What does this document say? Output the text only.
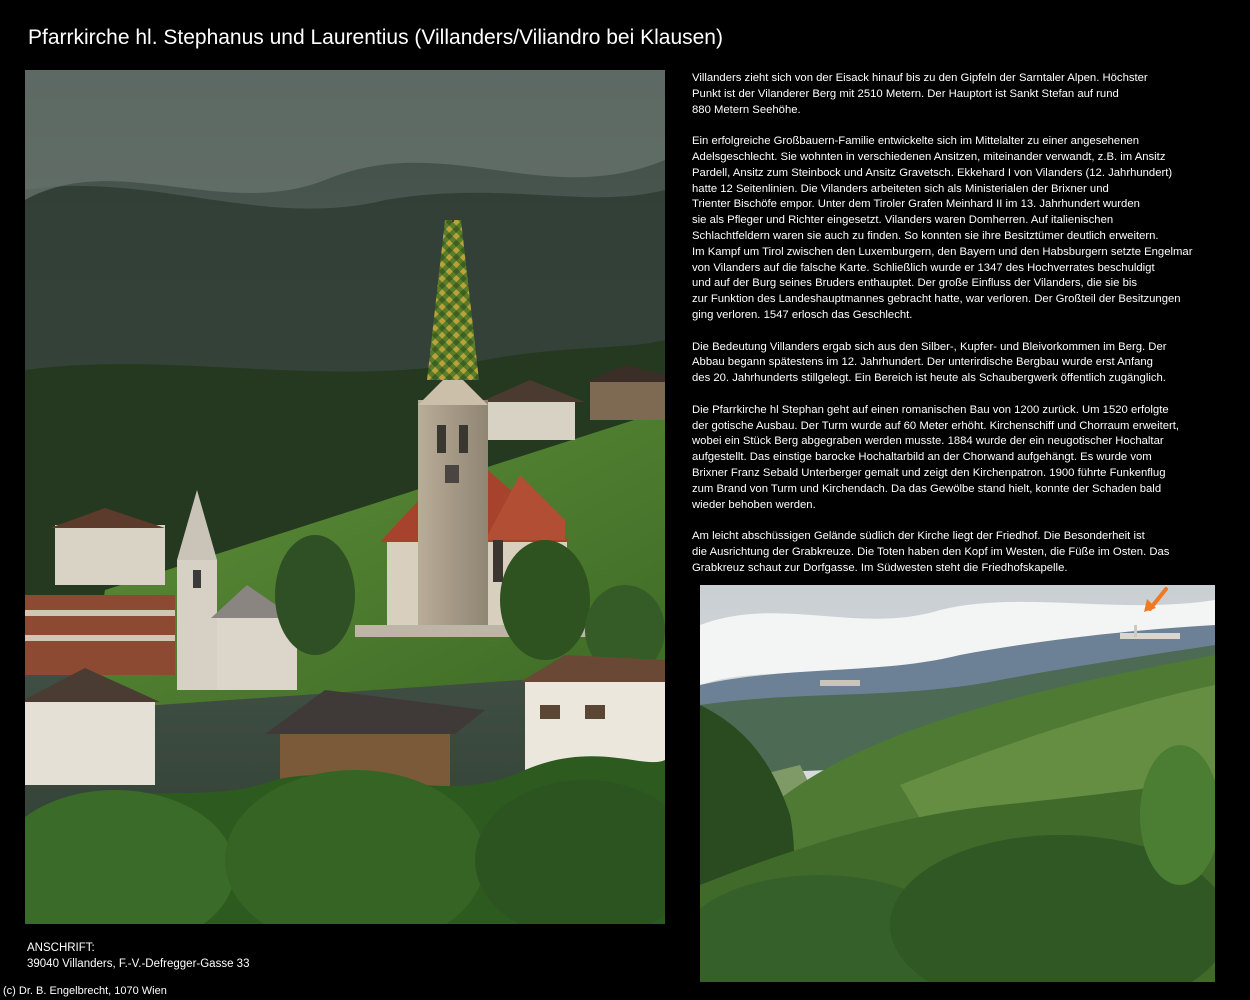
Pfarrkirche hl. Stephanus und Laurentius (Villanders/Viliandro bei Klausen)

Villanders zieht sich von der Eisack hinauf bis zu den Gipfeln der Sarntaler Alpen. Höchster
Punkt ist der Vilanderer Berg mit 2510 Metern. Der Hauptort ist Sankt Stefan auf rund
880 Metern Seehöhe.

Ein erfolgreiche Großbauern-Familie entwickelte sich im Mittelalter zu einer angesehenen
Adelsgeschlecht. Sie wohnten in verschiedenen Ansitzen, miteinander verwandt, z.B. im Ansitz
Pardell, Ansitz zum Steinbock und Ansitz Gravetsch. Ekkehard I von Vilanders (12. Jahrhundert)
hatte 12 Seitenlinien. Die Vilanders arbeiteten sich als Ministerialen der Brixner und
Trienter Bischöfe empor. Unter dem Tiroler Grafen Meinhard II im 13. Jahrhundert wurden
sie als Pfleger und Richter eingesetzt. Vilanders waren Domherren. Auf italienischen
Schlachtfeldern waren sie auch zu finden. So konnten sie ihre Besitztümer deutlich erweitern.
Im Kampf um Tirol zwischen den Luxemburgern, den Bayern und den Habsburgern setzte Engelmar
von Vilanders auf die falsche Karte. Schließlich wurde er 1347 des Hochverrates beschuldigt
und auf der Burg seines Bruders enthauptet. Der große Einfluss der Vilanders, die sie bis
zur Funktion des Landeshauptmannes gebracht hatte, war verloren. Der Großteil der Besitzungen
ging verloren. 1547 erlosch das Geschlecht.

Die Bedeutung Villanders ergab sich aus den Silber-, Kupfer- und Bleivorkommen im Berg. Der
Abbau begann spätestens im 12. Jahrhundert. Der unterirdische Bergbau wurde erst Anfang
des 20. Jahrhunderts stillgelegt. Ein Bereich ist heute als Schaubergwerk öffentlich zugänglich.

Die Pfarrkirche hl Stephan geht auf einen romanischen Bau von 1200 zurück. Um 1520 erfolgte
der gotische Ausbau. Der Turm wurde auf 60 Meter erhöht. Kirchenschiff und Chorraum erweitert,
wobei ein Stück Berg abgegraben werden musste. 1884 wurde der ein neugotischer Hochaltar
aufgestellt. Das einstige barocke Hochaltarbild an der Chorwand aufgehängt. Es wurde vom
Brixner Franz Sebald Unterberger gemalt und zeigt den Kirchenpatron. 1900 führte Funkenflug
zum Brand von Turm und Kirchendach. Da das Gewölbe stand hielt, konnte der Schaden bald
wieder behoben werden.

Am leicht abschüssigen Gelände südlich der Kirche liegt der Friedhof. Die Besonderheit ist
die Ausrichtung der Grabkreuze. Die Toten haben den Kopf im Westen, die Füße im Osten. Das
Grabkreuz schaut zur Dorfgasse. Im Südwesten steht die Friedhofskapelle.

ANSCHRIFT:
39040 Villanders, F.-V.-Defregger-Gasse 33
(c) Dr. B. Engelbrecht, 1070 Wien
